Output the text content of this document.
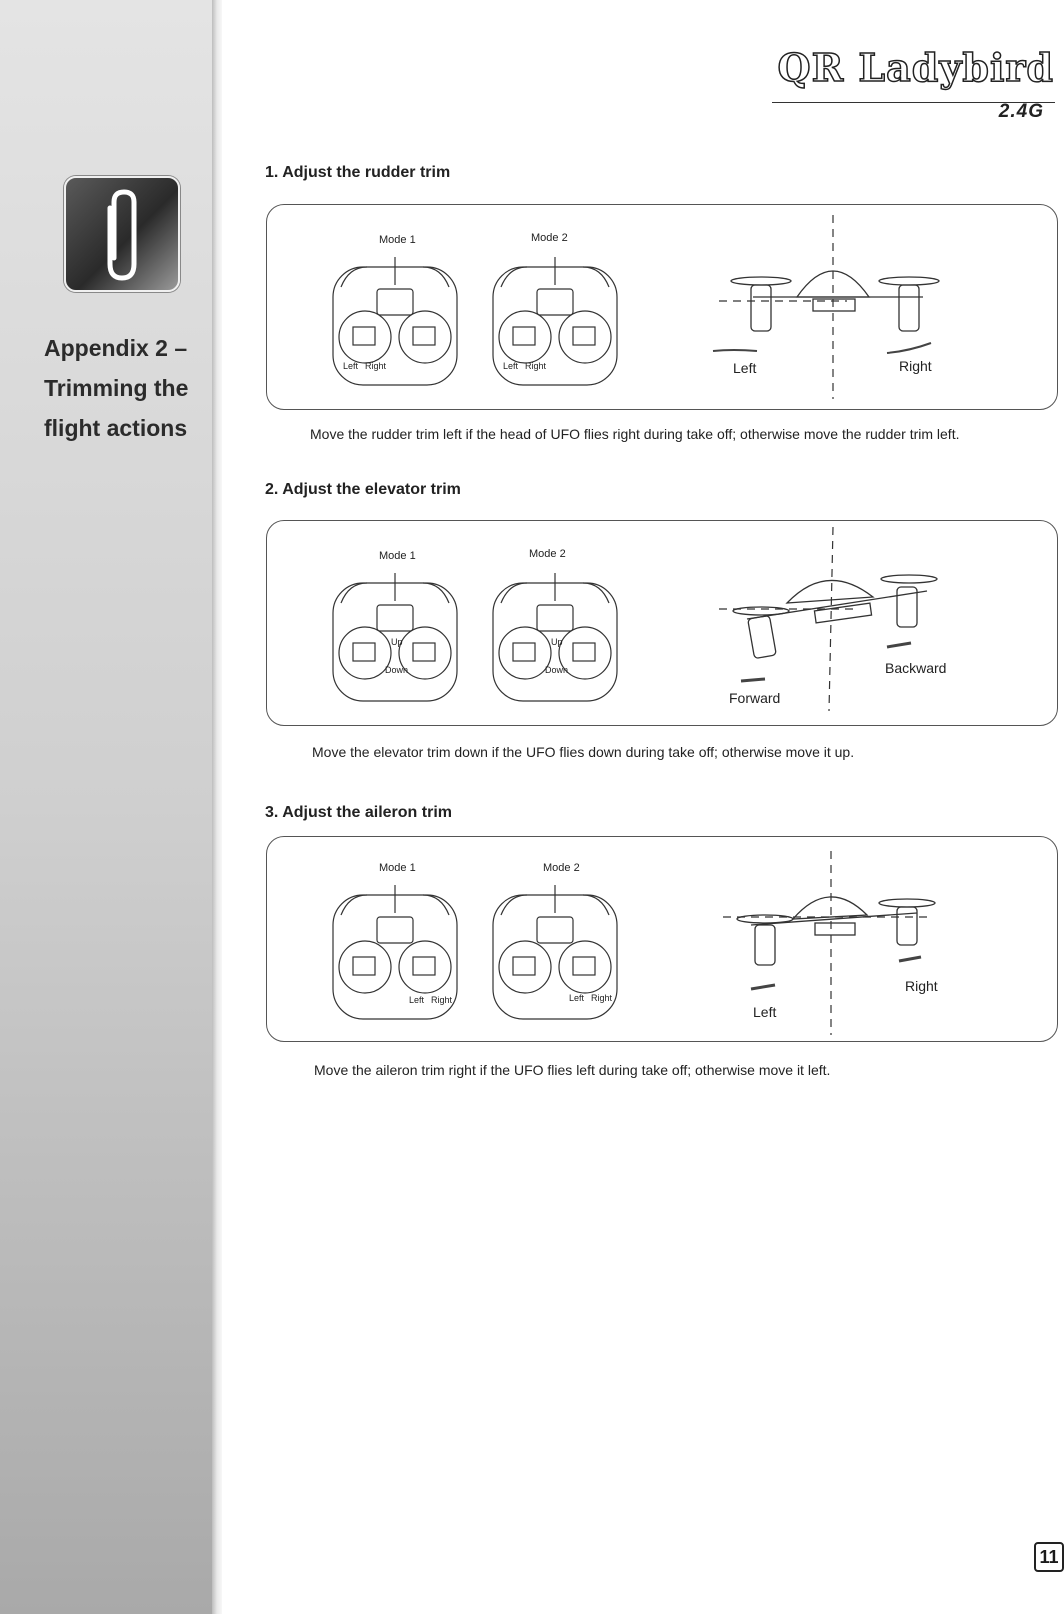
Appendix 2 –
Trimming the
flight actions
QR Ladybird
2.4G
1. Adjust the rudder trim
Mode 1	Mode 2
Left Right	Left Right	Left	Right
Move the rudder trim left if the head of UFO flies right during take off; otherwise move the rudder trim left.
2. Adjust the elevator trim
Mode 1	Mode 2
Up
Down
Up
Down
Forward
Backward
Move the elevator trim down if the UFO flies down during take off; otherwise move it up.
3. Adjust the aileron trim
Mode 1	Mode 2
Left Right	Left Right
Left
Right
Move the aileron trim right if the UFO flies left during take off; otherwise move it left.
11
